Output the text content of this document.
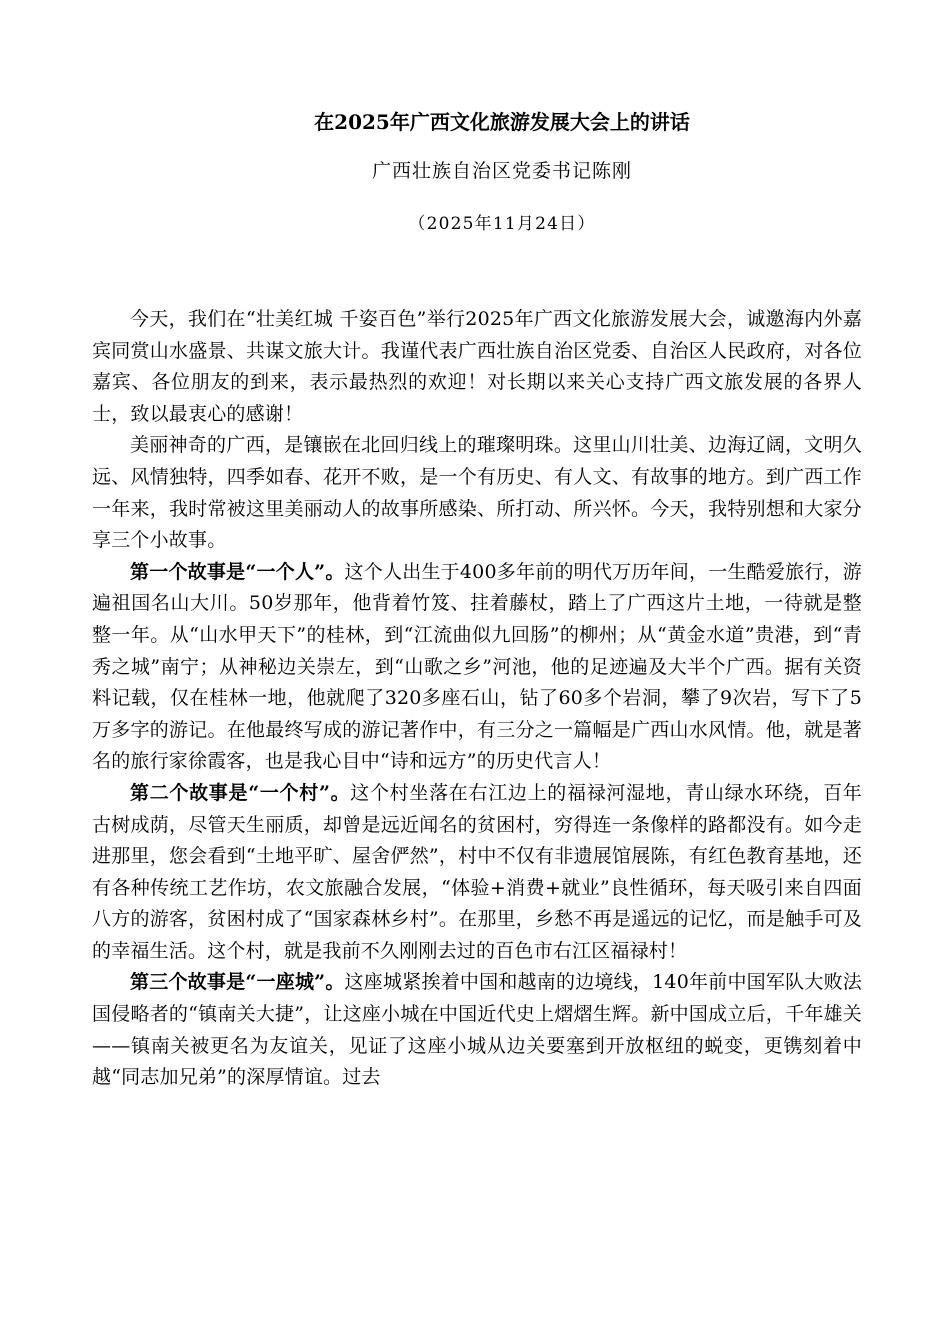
在2025年广西文化旅游发展大会上的讲话
广西壮族自治区党委书记陈刚
（2025年11月24日）

今天，我们在“壮美红城 千姿百色”举行2025年广西文化旅游发展大会，诚邀海内外嘉宾同赏山水盛景、共谋文旅大计。我谨代表广西壮族自治区党委、自治区人民政府，对各位嘉宾、各位朋友的到来，表示最热烈的欢迎！对长期以来关心支持广西文旅发展的各界人士，致以最衷心的感谢！

美丽神奇的广西，是镶嵌在北回归线上的璀璨明珠。这里山川壮美、边海辽阔，文明久远、风情独特，四季如春、花开不败，是一个有历史、有人文、有故事的地方。到广西工作一年来，我时常被这里美丽动人的故事所感染、所打动、所兴怀。今天，我特别想和大家分享三个小故事。

第一个故事是“一个人”。这个人出生于400多年前的明代万历年间，一生酷爱旅行，游遍祖国名山大川。50岁那年，他背着竹笈、拄着藤杖，踏上了广西这片土地，一待就是整整一年。从“山水甲天下”的桂林，到“江流曲似九回肠”的柳州；从“黄金水道”贵港，到“青秀之城”南宁；从神秘边关崇左，到“山歌之乡”河池，他的足迹遍及大半个广西。据有关资料记载，仅在桂林一地，他就爬了320多座石山，钻了60多个岩洞，攀了9次岩，写下了5万多字的游记。在他最终写成的游记著作中，有三分之一篇幅是广西山水风情。他，就是著名的旅行家徐霞客，也是我心目中“诗和远方”的历史代言人！

第二个故事是“一个村”。这个村坐落在右江边上的福禄河湿地，青山绿水环绕，百年古树成荫，尽管天生丽质，却曾是远近闻名的贫困村，穷得连一条像样的路都没有。如今走进那里，您会看到“土地平旷、屋舍俨然”，村中不仅有非遗展馆展陈，有红色教育基地，还有各种传统工艺作坊，农文旅融合发展，“体验+消费+就业”良性循环，每天吸引来自四面八方的游客，贫困村成了“国家森林乡村”。在那里，乡愁不再是遥远的记忆，而是触手可及的幸福生活。这个村，就是我前不久刚刚去过的百色市右江区福禄村！

第三个故事是“一座城”。这座城紧挨着中国和越南的边境线，140年前中国军队大败法国侵略者的“镇南关大捷”，让这座小城在中国近代史上熠熠生辉。新中国成立后，千年雄关——镇南关被更名为友谊关，见证了这座小城从边关要塞到开放枢纽的蜕变，更镌刻着中越“同志加兄弟”的深厚情谊。过去
